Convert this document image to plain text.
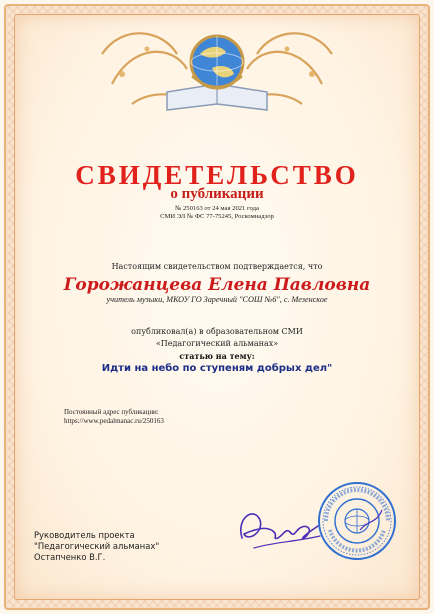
СВИДЕТЕЛЬСТВО
о публикации
№ 250163 от 24 мая 2021 года
СМИ ЭЛ № ФС 77-75245, Роскомнадзор
Настоящим свидетельством подтверждается, что
Горожанцева Елена Павловна
учитель музыки, МКОУ ГО Заречный "СОШ №6", с. Мезенское
опубликовал(а) в образовательном СМИ
«Педагогический альманах»
статью на тему:
Идти на небо по ступеням добрых дел"
Постоянный адрес публикации:
https://www.pedalmanac.ru/250163
Руководитель проекта
"Педагогический альманах"
Остапченко В.Г.
